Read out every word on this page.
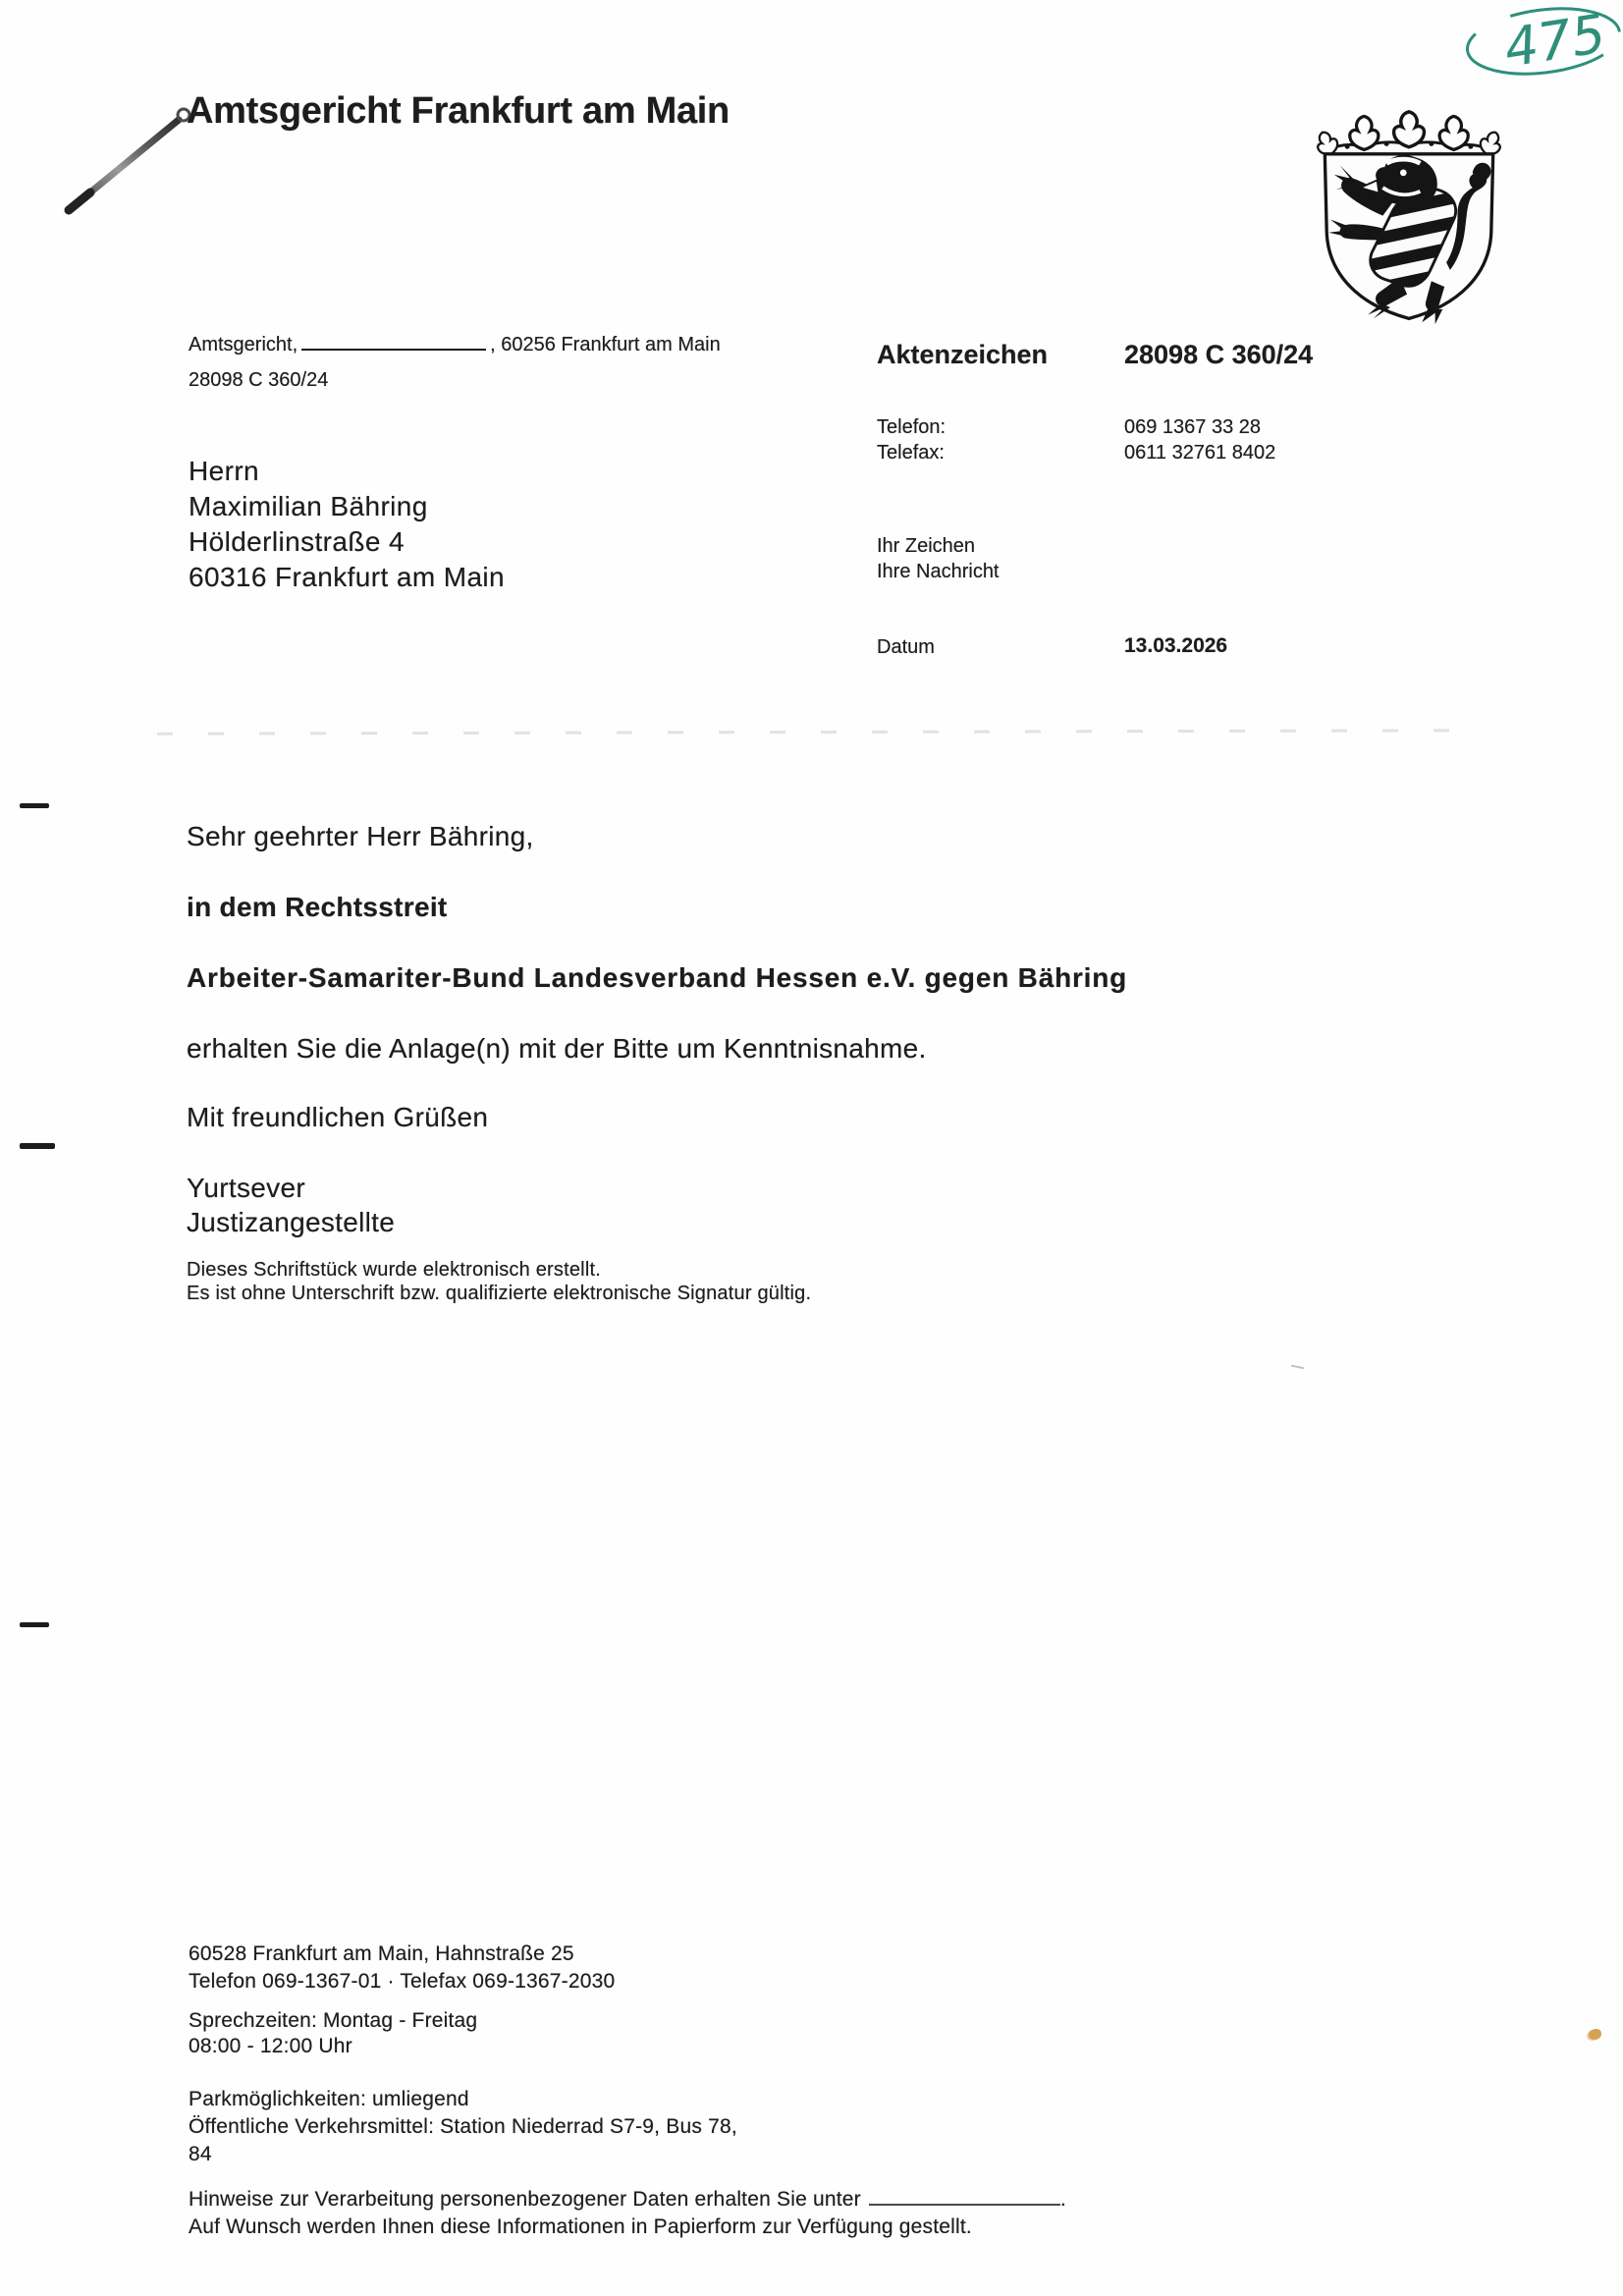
Amtsgericht Frankfurt am Main
475
Amtsgericht,	, 60256 Frankfurt am Main
28098 C 360/24
Herrn
Maximilian Bähring
Hölderlinstraße 4
60316 Frankfurt am Main
Aktenzeichen	28098 C 360/24
Telefon:	069 1367 33 28
Telefax:	0611 32761 8402
Ihr Zeichen
Ihre Nachricht
Datum	13.03.2026
Sehr geehrter Herr Bähring,
in dem Rechtsstreit
Arbeiter-Samariter-Bund Landesverband Hessen e.V. gegen Bähring
erhalten Sie die Anlage(n) mit der Bitte um Kenntnisnahme.
Mit freundlichen Grüßen
Yurtsever
Justizangestellte
Dieses Schriftstück wurde elektronisch erstellt.
Es ist ohne Unterschrift bzw. qualifizierte elektronische Signatur gültig.
60528 Frankfurt am Main, Hahnstraße 25
Telefon 069-1367-01 · Telefax 069-1367-2030
Sprechzeiten: Montag - Freitag
08:00 - 12:00 Uhr
Parkmöglichkeiten: umliegend
Öffentliche Verkehrsmittel: Station Niederrad S7-9, Bus 78,
84
Hinweise zur Verarbeitung personenbezogener Daten erhalten Sie unter	.
Auf Wunsch werden Ihnen diese Informationen in Papierform zur Verfügung gestellt.
